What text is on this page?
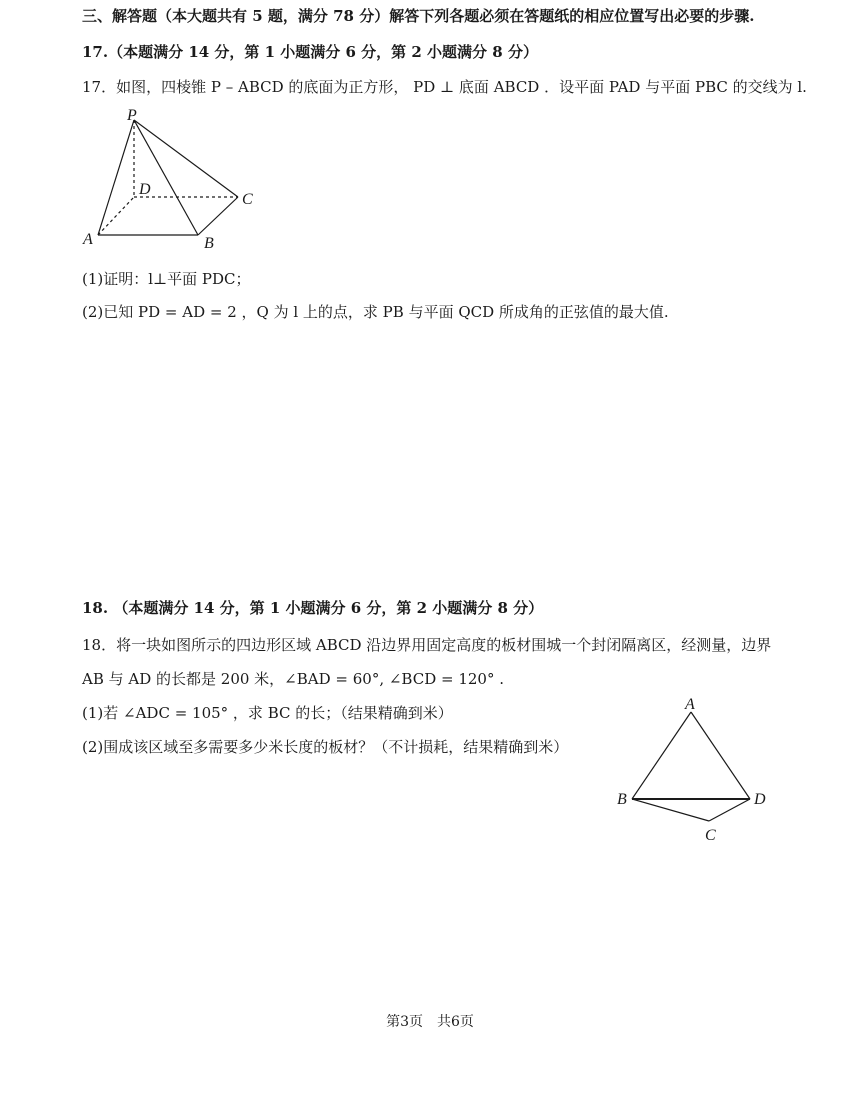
三、解答题（本大题共有 5 题，满分 78 分）解答下列各题必须在答题纸的相应位置写出必要的步骤.
17.（本题满分 14 分，第 1 小题满分 6 分，第 2 小题满分 8 分）
17．如图，四棱锥 P – ABCD 的底面为正方形， PD ⊥ 底面 ABCD ．设平面 PAD 与平面 PBC 的交线为 l.
P
D
C
A	B
(1)证明：l⊥平面 PDC；
(2)已知 PD = AD = 2 ，Q 为 l 上的点，求 PB 与平面 QCD 所成角的正弦值的最大值.
18. （本题满分 14 分，第 1 小题满分 6 分，第 2 小题满分 8 分）
18．将一块如图所示的四边形区域 ABCD 沿边界用固定高度的板材围城一个封闭隔离区，经测量，边界
AB 与 AD 的长都是 200 米，∠BAD = 60°, ∠BCD = 120° .
(1)若 ∠ADC = 105° ，求 BC 的长；（结果精确到米）
(2)围成该区域至多需要多少米长度的板材？（不计损耗，结果精确到米）
A
B	D
C
第3页　共6页
